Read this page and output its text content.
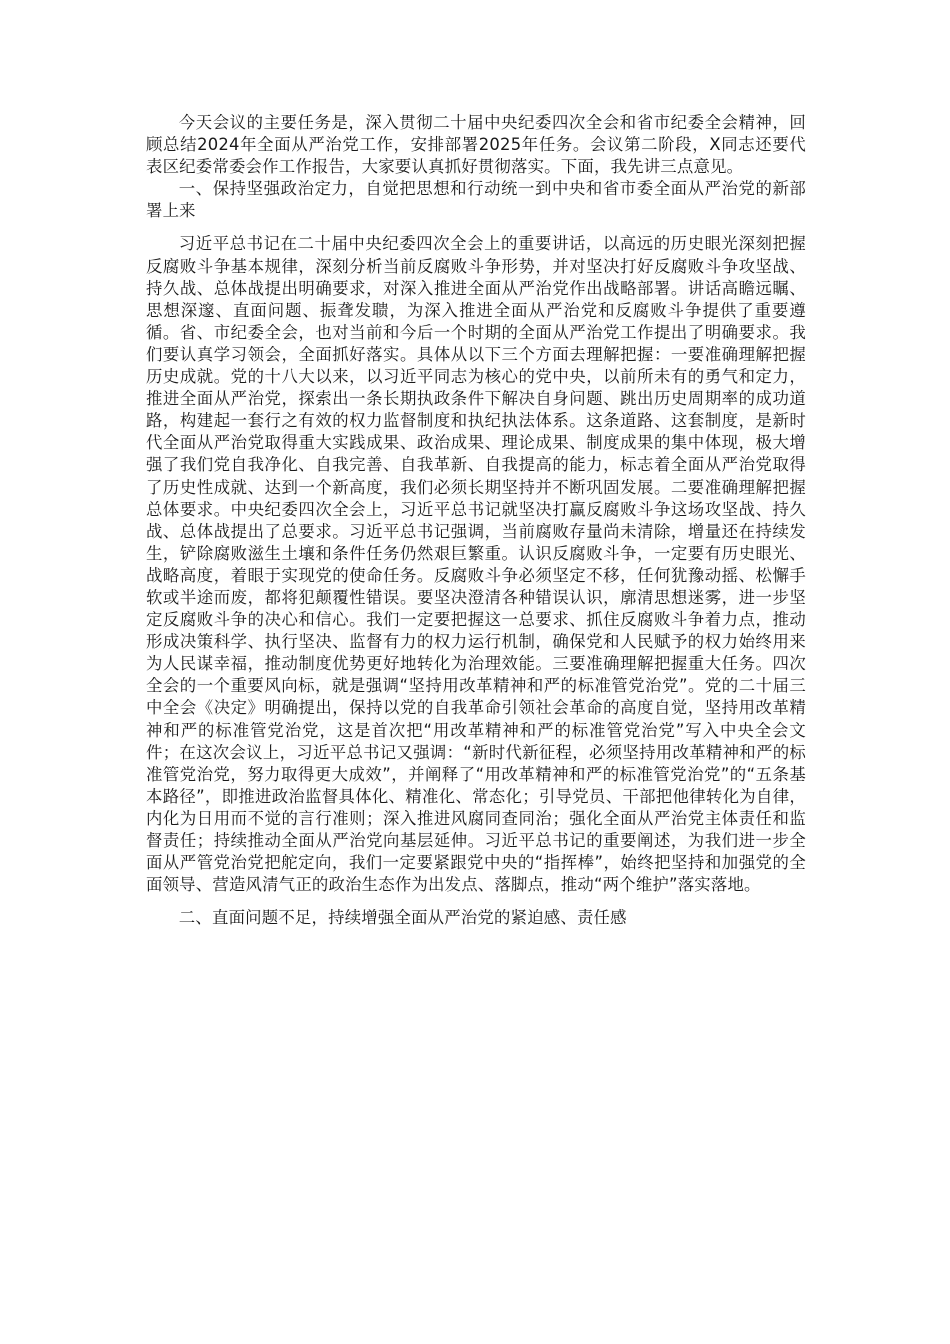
今天会议的主要任务是，深入贯彻二十届中央纪委四次全会和省市纪委全会精神，回顾总结2024年全面从严治党工作，安排部署2025年任务。会议第二阶段，X同志还要代表区纪委常委会作工作报告，大家要认真抓好贯彻落实。下面，我先讲三点意见。

一、保持坚强政治定力，自觉把思想和行动统一到中央和省市委全面从严治党的新部署上来

习近平总书记在二十届中央纪委四次全会上的重要讲话，以高远的历史眼光深刻把握反腐败斗争基本规律，深刻分析当前反腐败斗争形势，并对坚决打好反腐败斗争攻坚战、持久战、总体战提出明确要求，对深入推进全面从严治党作出战略部署。讲话高瞻远瞩、思想深邃、直面问题、振聋发聩，为深入推进全面从严治党和反腐败斗争提供了重要遵循。省、市纪委全会，也对当前和今后一个时期的全面从严治党工作提出了明确要求。我们要认真学习领会，全面抓好落实。具体从以下三个方面去理解把握：一要准确理解把握历史成就。党的十八大以来，以习近平同志为核心的党中央，以前所未有的勇气和定力，推进全面从严治党，探索出一条长期执政条件下解决自身问题、跳出历史周期率的成功道路，构建起一套行之有效的权力监督制度和执纪执法体系。这条道路、这套制度，是新时代全面从严治党取得重大实践成果、政治成果、理论成果、制度成果的集中体现，极大增强了我们党自我净化、自我完善、自我革新、自我提高的能力，标志着全面从严治党取得了历史性成就、达到一个新高度，我们必须长期坚持并不断巩固发展。二要准确理解把握总体要求。中央纪委四次全会上，习近平总书记就坚决打赢反腐败斗争这场攻坚战、持久战、总体战提出了总要求。习近平总书记强调，当前腐败存量尚未清除，增量还在持续发生，铲除腐败滋生土壤和条件任务仍然艰巨繁重。认识反腐败斗争，一定要有历史眼光、战略高度，着眼于实现党的使命任务。反腐败斗争必须坚定不移，任何犹豫动摇、松懈手软或半途而废，都将犯颠覆性错误。要坚决澄清各种错误认识，廓清思想迷雾，进一步坚定反腐败斗争的决心和信心。我们一定要把握这一总要求、抓住反腐败斗争着力点，推动形成决策科学、执行坚决、监督有力的权力运行机制，确保党和人民赋予的权力始终用来为人民谋幸福，推动制度优势更好地转化为治理效能。三要准确理解把握重大任务。四次全会的一个重要风向标，就是强调“坚持用改革精神和严的标准管党治党”。党的二十届三中全会《决定》明确提出，保持以党的自我革命引领社会革命的高度自觉，坚持用改革精神和严的标准管党治党，这是首次把“用改革精神和严的标准管党治党”写入中央全会文件；在这次会议上，习近平总书记又强调：“新时代新征程，必须坚持用改革精神和严的标准管党治党，努力取得更大成效”，并阐释了“用改革精神和严的标准管党治党”的“五条基本路径”，即推进政治监督具体化、精准化、常态化；引导党员、干部把他律转化为自律，内化为日用而不觉的言行准则；深入推进风腐同查同治；强化全面从严治党主体责任和监督责任；持续推动全面从严治党向基层延伸。习近平总书记的重要阐述，为我们进一步全面从严管党治党把舵定向，我们一定要紧跟党中央的“指挥棒”，始终把坚持和加强党的全面领导、营造风清气正的政治生态作为出发点、落脚点，推动“两个维护”落实落地。

二、直面问题不足，持续增强全面从严治党的紧迫感、责任感
